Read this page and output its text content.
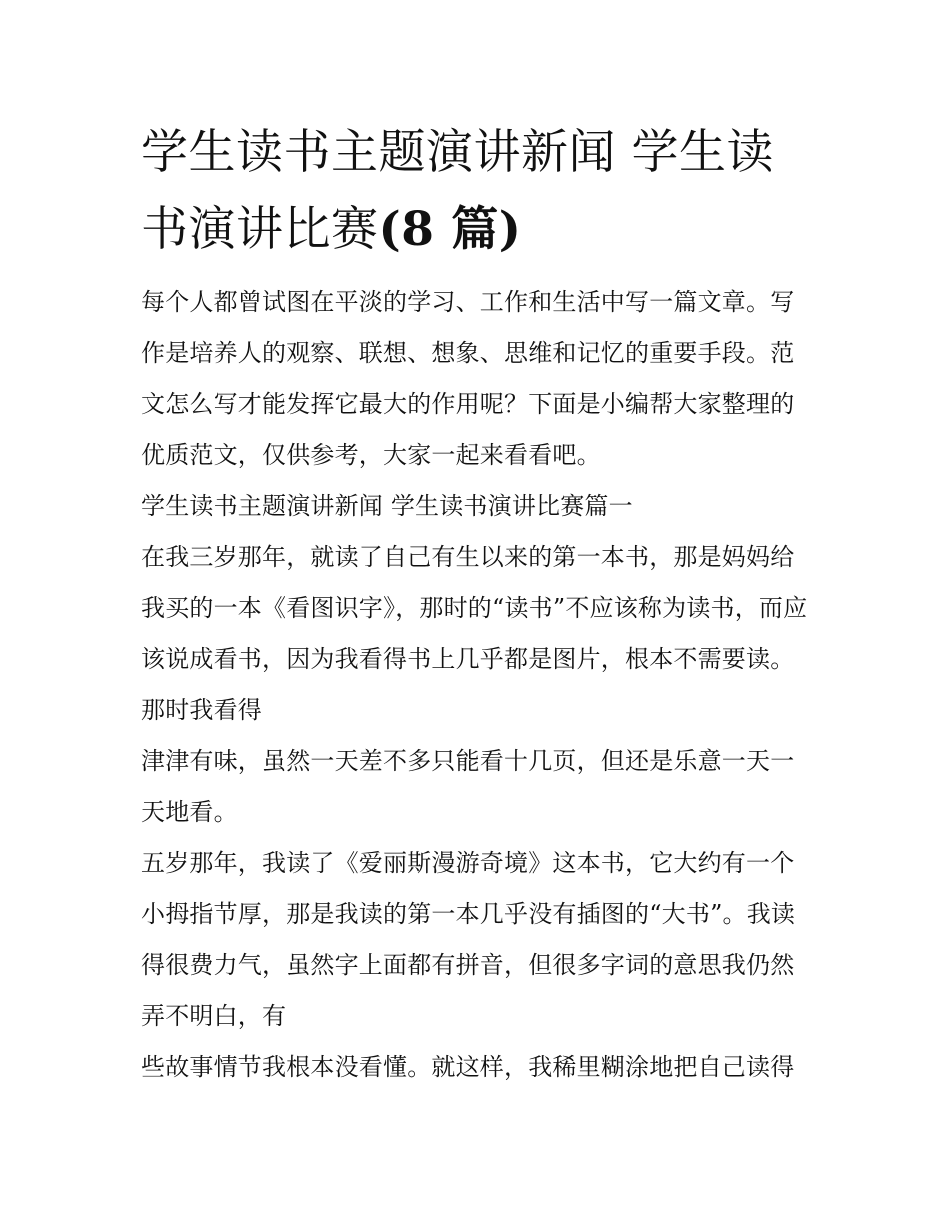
学生读书主题演讲新闻 学生读书演讲比赛(8 篇)

每个人都曾试图在平淡的学习、工作和生活中写一篇文章。写作是培养人的观察、联想、想象、思维和记忆的重要手段。范文怎么写才能发挥它最大的作用呢？下面是小编帮大家整理的优质范文，仅供参考，大家一起来看看吧。

学生读书主题演讲新闻 学生读书演讲比赛篇一

在我三岁那年，就读了自己有生以来的第一本书，那是妈妈给我买的一本《看图识字》，那时的“读书”不应该称为读书，而应该说成看书，因为我看得书上几乎都是图片，根本不需要读。那时我看得

津津有味，虽然一天差不多只能看十几页，但还是乐意一天一天地看。

五岁那年，我读了《爱丽斯漫游奇境》这本书，它大约有一个小拇指节厚，那是我读的第一本几乎没有插图的“大书”。我读得很费力气，虽然字上面都有拼音，但很多字词的意思我仍然弄不明白，有

些故事情节我根本没看懂。就这样，我稀里糊涂地把自己读得
